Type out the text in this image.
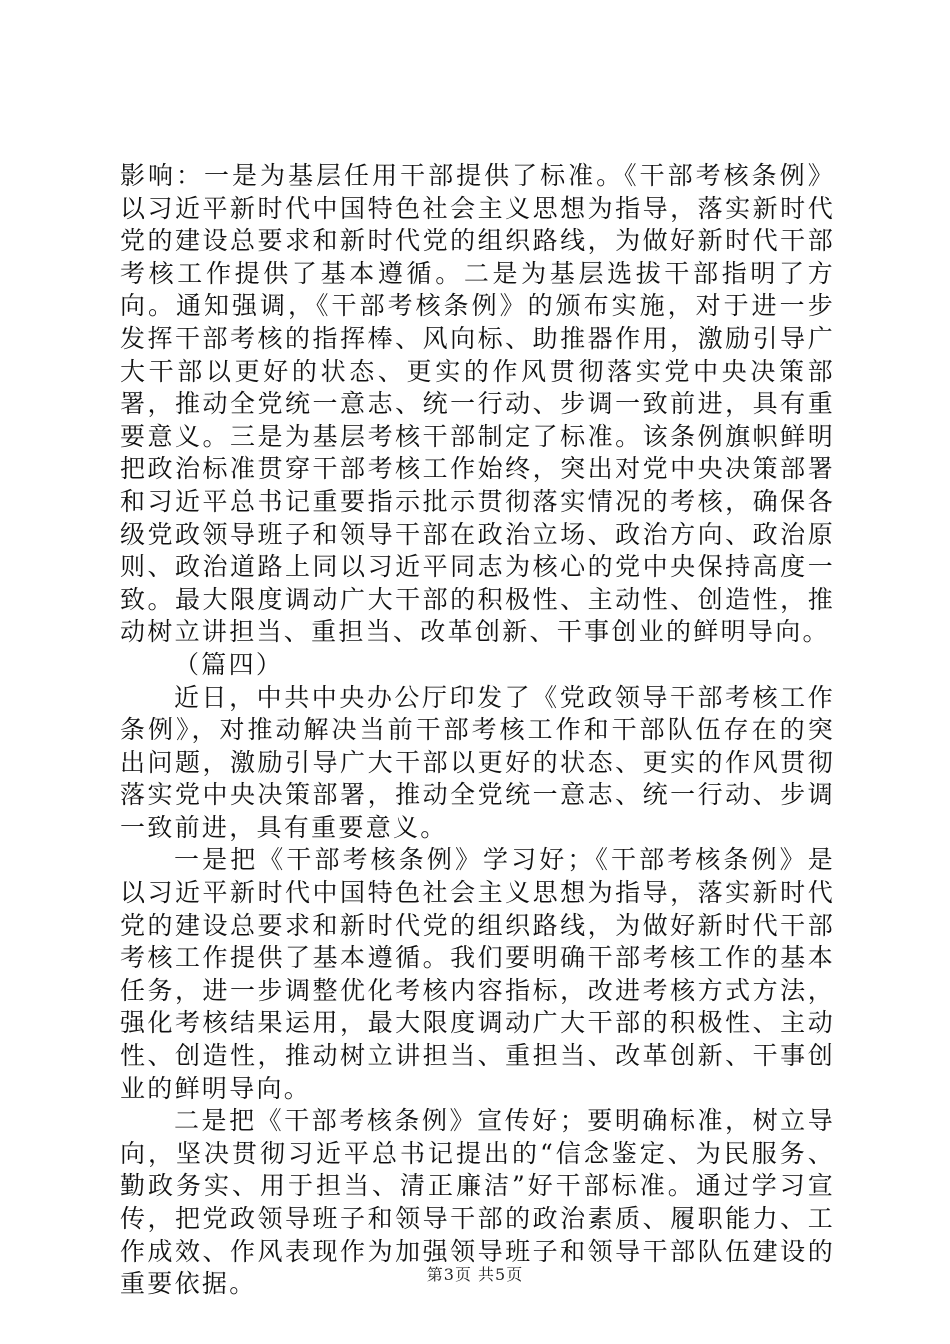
影响：一是为基层任用干部提供了标准。《干部考核条例》以习近平新时代中国特色社会主义思想为指导，落实新时代党的建设总要求和新时代党的组织路线，为做好新时代干部考核工作提供了基本遵循。二是为基层选拔干部指明了方向。通知强调，《干部考核条例》的颁布实施，对于进一步发挥干部考核的指挥棒、风向标、助推器作用，激励引导广大干部以更好的状态、更实的作风贯彻落实党中央决策部署，推动全党统一意志、统一行动、步调一致前进，具有重要意义。三是为基层考核干部制定了标准。该条例旗帜鲜明把政治标准贯穿干部考核工作始终，突出对党中央决策部署和习近平总书记重要指示批示贯彻落实情况的考核，确保各级党政领导班子和领导干部在政治立场、政治方向、政治原则、政治道路上同以习近平同志为核心的党中央保持高度一致。最大限度调动广大干部的积极性、主动性、创造性，推动树立讲担当、重担当、改革创新、干事创业的鲜明导向。

（篇四）

近日，中共中央办公厅印发了《党政领导干部考核工作条例》，对推动解决当前干部考核工作和干部队伍存在的突出问题，激励引导广大干部以更好的状态、更实的作风贯彻落实党中央决策部署，推动全党统一意志、统一行动、步调一致前进，具有重要意义。

一是把《干部考核条例》学习好；《干部考核条例》是以习近平新时代中国特色社会主义思想为指导，落实新时代党的建设总要求和新时代党的组织路线，为做好新时代干部考核工作提供了基本遵循。我们要明确干部考核工作的基本任务，进一步调整优化考核内容指标，改进考核方式方法，强化考核结果运用，最大限度调动广大干部的积极性、主动性、创造性，推动树立讲担当、重担当、改革创新、干事创业的鲜明导向。

二是把《干部考核条例》宣传好；要明确标准，树立导向，坚决贯彻习近平总书记提出的“信念鉴定、为民服务、勤政务实、用于担当、清正廉洁”好干部标准。通过学习宣传，把党政领导班子和领导干部的政治素质、履职能力、工作成效、作风表现作为加强领导班子和领导干部队伍建设的重要依据。	第3页 共5页
